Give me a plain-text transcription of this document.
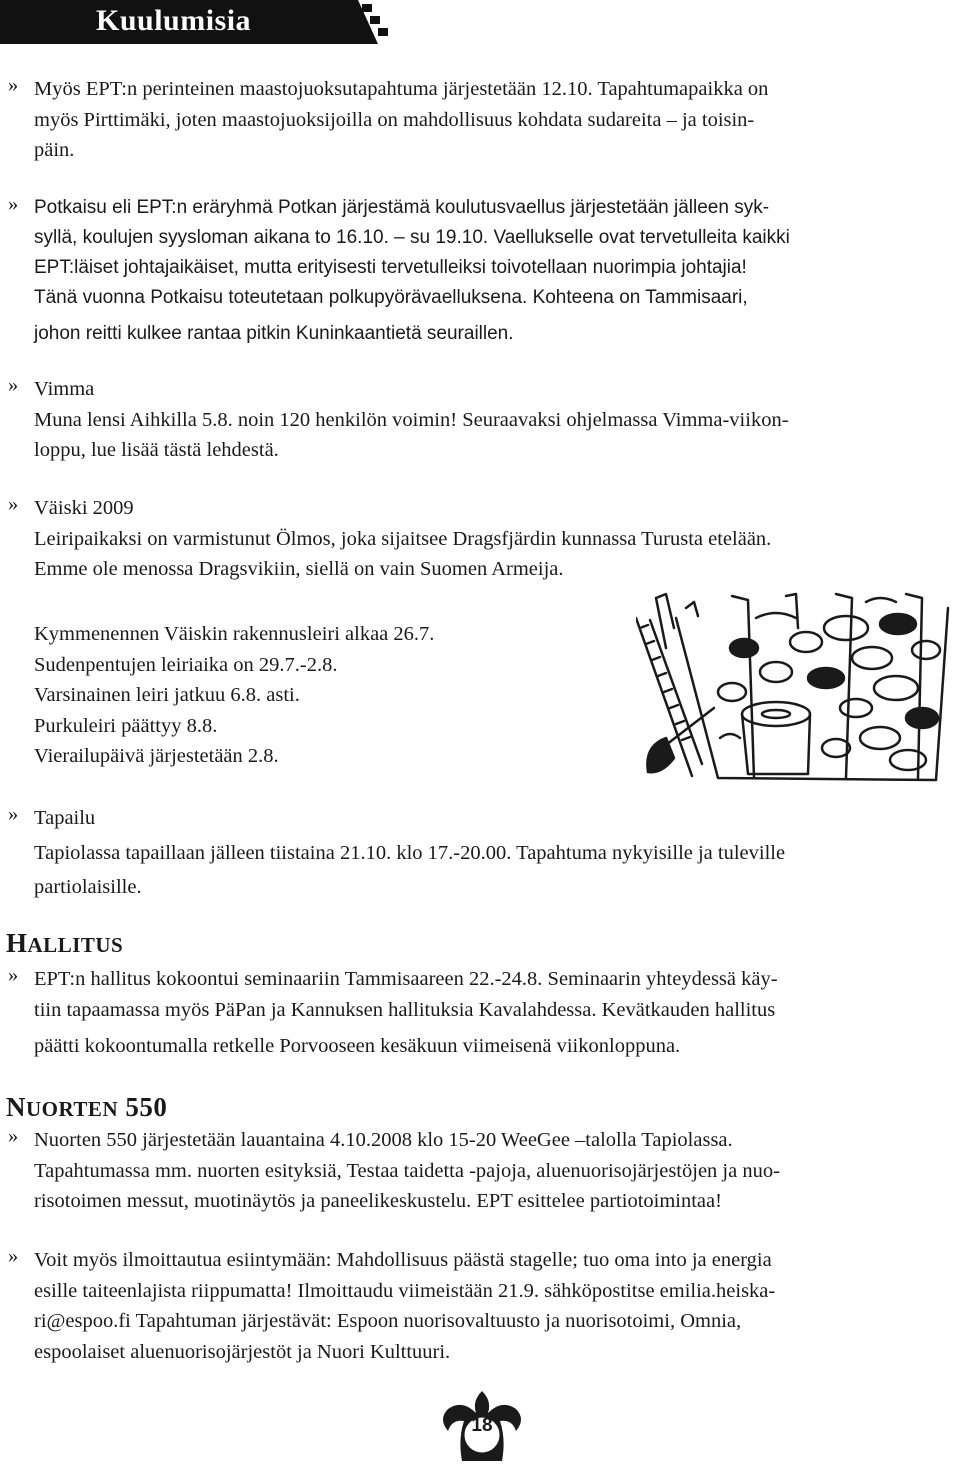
Kuulumisia
» Myös EPT:n perinteinen maastojuoksutapahtuma järjestetään 12.10. Tapahtumapaikka on
myös Pirttimäki, joten maastojuoksijoilla on mahdollisuus kohdata sudareita – ja toisin-
päin.
» Potkaisu eli EPT:n eräryhmä Potkan järjestämä koulutusvaellus järjestetään jälleen syk-
syllä, koulujen syysloman aikana to 16.10. – su 19.10. Vaellukselle ovat tervetulleita kaikki
EPT:läiset johtajaikäiset, mutta erityisesti tervetulleiksi toivotellaan nuorimpia johtajia!
Tänä vuonna Potkaisu toteutetaan polkupyörävaelluksena. Kohteena on Tammisaari,
johon reitti kulkee rantaa pitkin Kuninkaantietä seuraillen.
» Vimma
Muna lensi Aihkilla 5.8. noin 120 henkilön voimin! Seuraavaksi ohjelmassa Vimma-viikon-
loppu, lue lisää tästä lehdestä.
» Väiski 2009
Leiripaikaksi on varmistunut Ölmos, joka sijaitsee Dragsfjärdin kunnassa Turusta etelään.
Emme ole menossa Dragsvikiin, siellä on vain Suomen Armeija.
Kymmenennen Väiskin rakennusleiri alkaa 26.7.
Sudenpentujen leiriaika on 29.7.-2.8.
Varsinainen leiri jatkuu 6.8. asti.
Purkuleiri päättyy 8.8.
Vierailupäivä järjestetään 2.8.
» Tapailu
Tapiolassa tapaillaan jälleen tiistaina 21.10. klo 17.-20.00. Tapahtuma nykyisille ja tuleville
partiolaisille.
HALLITUS
» EPT:n hallitus kokoontui seminaariin Tammisaareen 22.-24.8. Seminaarin yhteydessä käy-
tiin tapaamassa myös PäPan ja Kannuksen hallituksia Kavalahdessa. Kevätkauden hallitus
päätti kokoontumalla retkelle Porvooseen kesäkuun viimeisenä viikonloppuna.
NUORTEN 550
» Nuorten 550 järjestetään lauantaina 4.10.2008 klo 15-20 WeeGee –talolla Tapiolassa.
Tapahtumassa mm. nuorten esityksiä, Testaa taidetta -pajoja, aluenuorisojärjestöjen ja nuo-
risotoimen messut, muotinäytös ja paneelikeskustelu. EPT esittelee partiotoimintaa!
» Voit myös ilmoittautua esiintymään: Mahdollisuus päästä stagelle; tuo oma into ja energia
esille taiteenlajista riippumatta! Ilmoittaudu viimeistään 21.9. sähköpostitse emilia.heiska-
ri@espoo.fi Tapahtuman järjestävät: Espoon nuorisovaltuusto ja nuorisotoimi, Omnia,
espoolaiset aluenuorisojärjestöt ja Nuori Kulttuuri.
18
